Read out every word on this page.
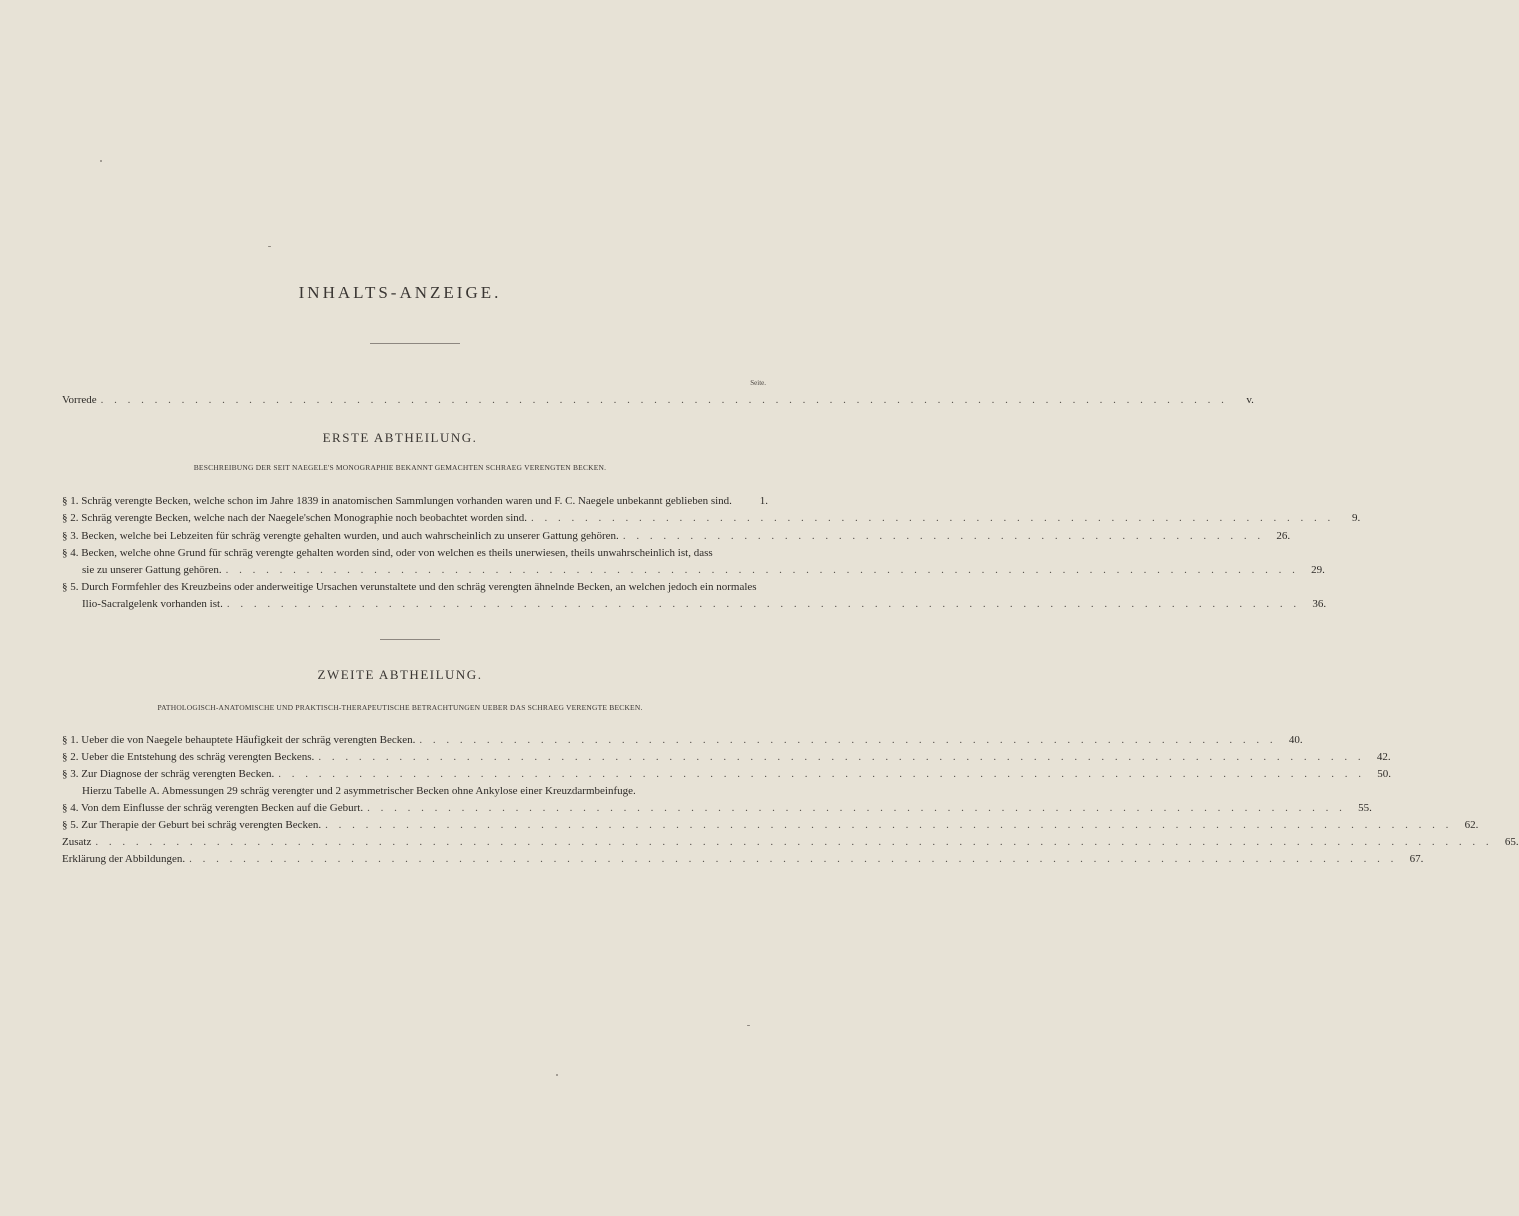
INHALTS-ANZEIGE.
Seite.
Vorrede . . . . . . . . . . . . . . . . . . . . . . . . . . . . . . . . . . . . . . . . . . . . . . . . . . . . . . . . . . . . . . . . . . . . . . . . . . . . . . . . . . . .	v.
ERSTE ABTHEILUNG.
BESCHREIBUNG DER SEIT NAEGELE'S MONOGRAPHIE BEKANNT GEMACHTEN SCHRAEG VERENGTEN BECKEN.
§ 1. Schräg verengte Becken, welche schon im Jahre 1839 in anatomischen Sammlungen vorhanden waren und F. C. Naegele unbekannt geblieben sind.	1.
§ 2. Schräg verengte Becken, welche nach der Naegele'schen Monographie noch beobachtet worden sind. . . . . . . . . . . . . . . . . . . . . . . . . . . . . . . . . . . . . . . . . . . . . . . . . . . . . . . . . . . . .	9.
§ 3. Becken, welche bei Lebzeiten für schräg verengte gehalten wurden, und auch wahrscheinlich zu unserer Gattung gehören. . . . . . . . . . . . . . . . . . . . . . . . . . . . . . . . . . . . . . . . . . . . . . . . .	26.
§ 4. Becken, welche ohne Grund für schräg verengte gehalten worden sind, oder von welchen es theils unerwiesen, theils unwahrscheinlich ist, dass
sie zu unserer Gattung gehören. . . . . . . . . . . . . . . . . . . . . . . . . . . . . . . . . . . . . . . . . . . . . . . . . . . . . . . . . . . . . . . . . . . . . . . . . . . . . . . . .	29.
§ 5. Durch Formfehler des Kreuzbeins oder anderweitige Ursachen verunstaltete und den schräg verengten ähnelnde Becken, an welchen jedoch ein normales
Ilio-Sacralgelenk vorhanden ist. . . . . . . . . . . . . . . . . . . . . . . . . . . . . . . . . . . . . . . . . . . . . . . . . . . . . . . . . . . . . . . . . . . . . . . . . . . . . . . . .	36.
ZWEITE ABTHEILUNG.
PATHOLOGISCH-ANATOMISCHE UND PRAKTISCH-THERAPEUTISCHE BETRACHTUNGEN UEBER DAS SCHRAEG VERENGTE BECKEN.
§ 1. Ueber die von Naegele behauptete Häufigkeit der schräg verengten Becken. . . . . . . . . . . . . . . . . . . . . . . . . . . . . . . . . . . . . . . . . . . . . . . . . . . . . . . . . . . . . . . . .	40.
§ 2. Ueber die Entstehung des schräg verengten Beckens. . . . . . . . . . . . . . . . . . . . . . . . . . . . . . . . . . . . . . . . . . . . . . . . . . . . . . . . . . . . . . . . . . . . . . . . . . . . . . .	42.
§ 3. Zur Diagnose der schräg verengten Becken. . . . . . . . . . . . . . . . . . . . . . . . . . . . . . . . . . . . . . . . . . . . . . . . . . . . . . . . . . . . . . . . . . . . . . . . . . . . . . . . . .	50.
Hierzu Tabelle A. Abmessungen 29 schräg verengter und 2 asymmetrischer Becken ohne Ankylose einer Kreuzdarmbeinfuge.
§ 4. Von dem Einflusse der schräg verengten Becken auf die Geburt. . . . . . . . . . . . . . . . . . . . . . . . . . . . . . . . . . . . . . . . . . . . . . . . . . . . . . . . . . . . . . . . . . . . . . . . . .	55.
§ 5. Zur Therapie der Geburt bei schräg verengten Becken. . . . . . . . . . . . . . . . . . . . . . . . . . . . . . . . . . . . . . . . . . . . . . . . . . . . . . . . . . . . . . . . . . . . . . . . . . . . . . . . . . . . .	62.
Zusatz . . . . . . . . . . . . . . . . . . . . . . . . . . . . . . . . . . . . . . . . . . . . . . . . . . . . . . . . . . . . . . . . . . . . . . . . . . . . . . . . . . . . . . . . . . . . . . . . . . . . . . . .	65.
Erklärung der Abbildungen. . . . . . . . . . . . . . . . . . . . . . . . . . . . . . . . . . . . . . . . . . . . . . . . . . . . . . . . . . . . . . . . . . . . . . . . . . . . . . . . . . . . . . . . . . .	67.
